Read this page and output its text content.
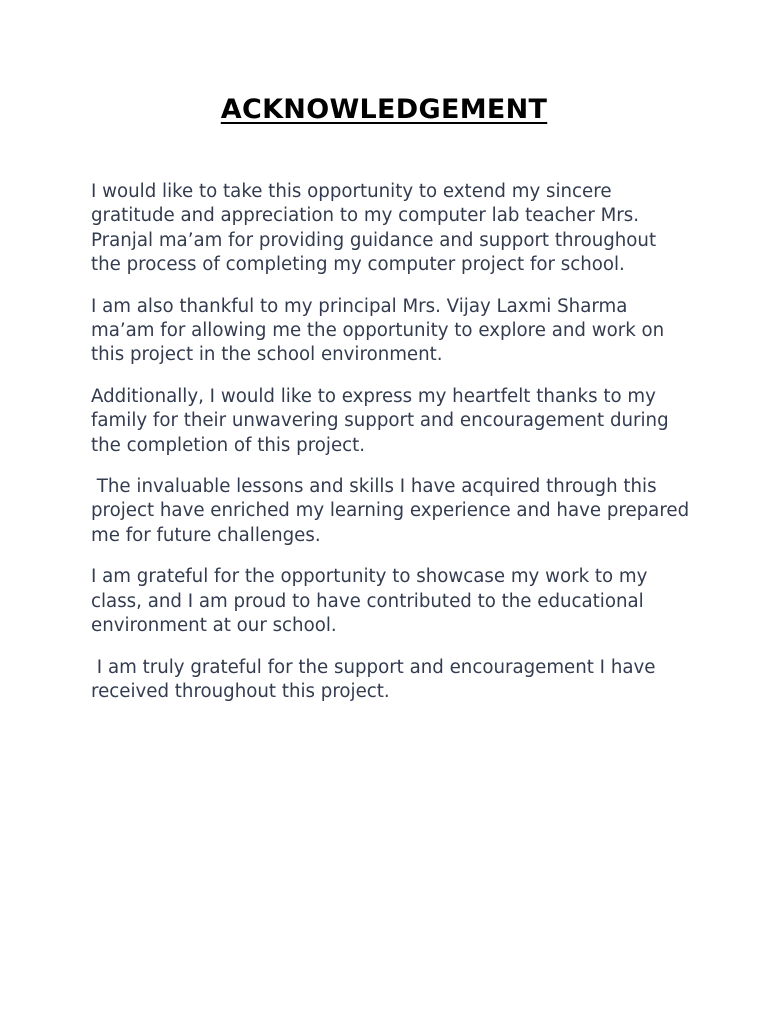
ACKNOWLEDGEMENT

I would like to take this opportunity to extend my sincere gratitude and appreciation to my computer lab teacher Mrs. Pranjal ma’am for providing guidance and support throughout the process of completing my computer project for school.

I am also thankful to my principal Mrs. Vijay Laxmi Sharma ma’am for allowing me the opportunity to explore and work on this project in the school environment.

Additionally, I would like to express my heartfelt thanks to my family for their unwavering support and encouragement during the completion of this project.

The invaluable lessons and skills I have acquired through this project have enriched my learning experience and have prepared me for future challenges.

I am grateful for the opportunity to showcase my work to my class, and I am proud to have contributed to the educational environment at our school.

I am truly grateful for the support and encouragement I have received throughout this project.
